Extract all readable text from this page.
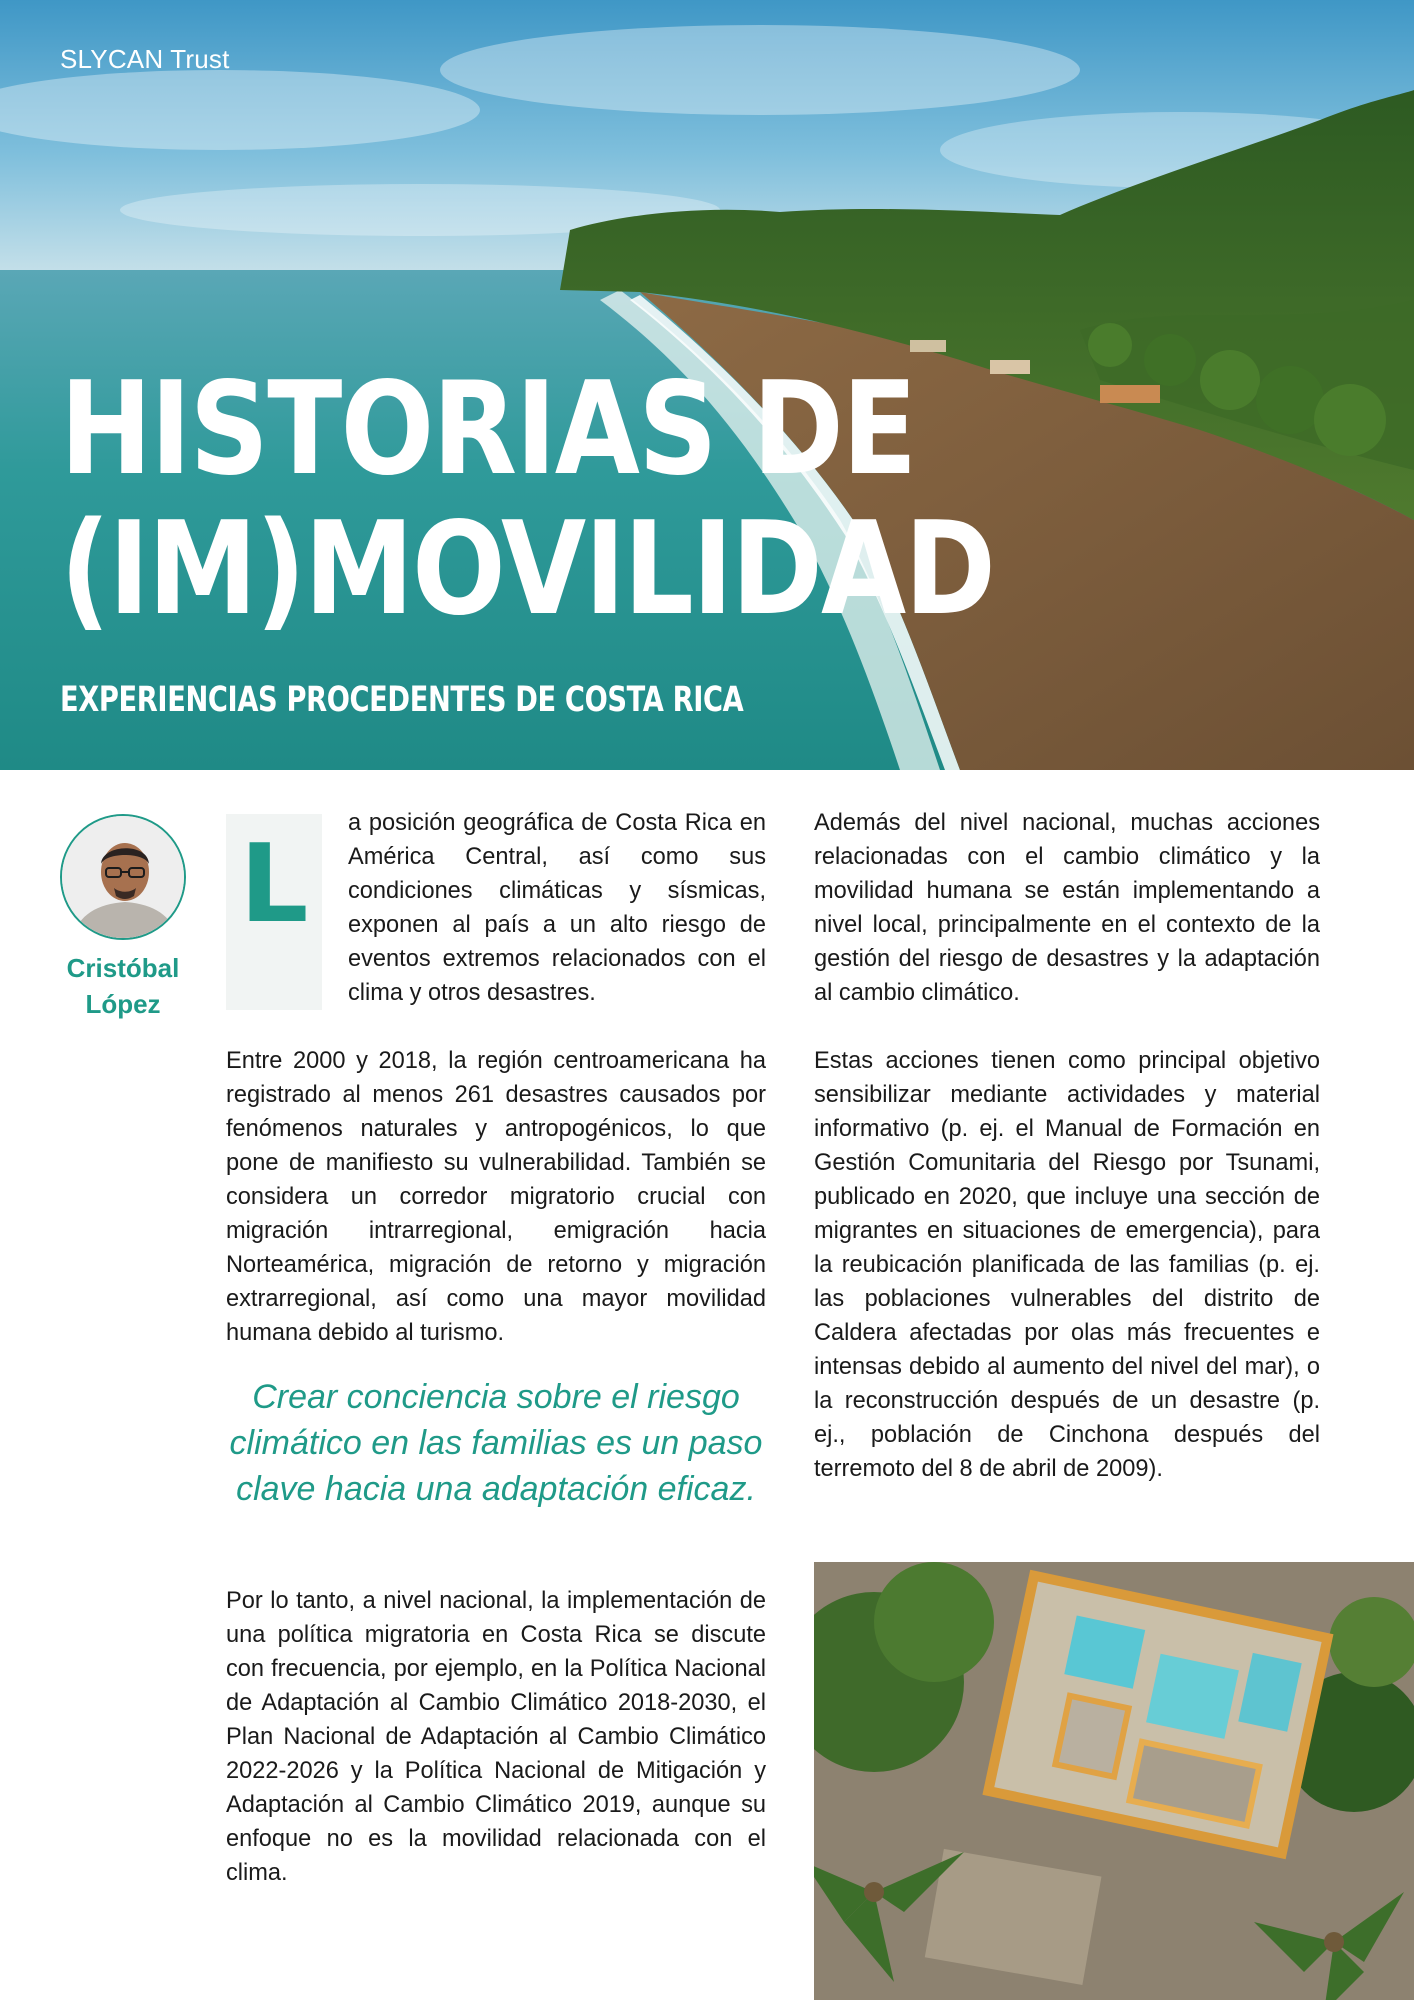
SLYCAN Trust
HISTORIAS DE
(IM)MOVILIDAD
EXPERIENCIAS PROCEDENTES DE COSTA RICA
Cristóbal
López
L	a posición geográfica de Costa Rica en América Central, así como sus condiciones climáticas y sísmicas, exponen al país a un alto riesgo de eventos extremos relacionados con el clima y otros desastres.

Entre 2000 y 2018, la región centroamericana ha registrado al menos 261 desastres causados por fenómenos naturales y antropogénicos, lo que pone de manifiesto su vulnerabilidad. También se considera un corredor migratorio crucial con migración intrarregional, emigración hacia Norteamérica, migración de retorno y migración extrarregional, así como una mayor movilidad humana debido al turismo.

Crear conciencia sobre el riesgo climático en las familias es un paso clave hacia una adaptación eficaz.

Por lo tanto, a nivel nacional, la implementación de una política migratoria en Costa Rica se discute con frecuencia, por ejemplo, en la Política Nacional de Adaptación al Cambio Climático 2018-2030, el Plan Nacional de Adaptación al Cambio Climático 2022-2026 y la Política Nacional de Mitigación y Adaptación al Cambio Climático 2019, aunque su enfoque no es la movilidad relacionada con el clima.

Además del nivel nacional, muchas acciones relacionadas con el cambio climático y la movilidad humana se están implementando a nivel local, principalmente en el contexto de la gestión del riesgo de desastres y la adaptación al cambio climático.

Estas acciones tienen como principal objetivo sensibilizar mediante actividades y material informativo (p. ej. el Manual de Formación en Gestión Comunitaria del Riesgo por Tsunami, publicado en 2020, que incluye una sección de migrantes en situaciones de emergencia), para la reubicación planificada de las familias (p. ej. las poblaciones vulnerables del distrito de Caldera afectadas por olas más frecuentes e intensas debido al aumento del nivel del mar), o la reconstrucción después de un desastre (p. ej., población de Cinchona después del terremoto del 8 de abril de 2009).
